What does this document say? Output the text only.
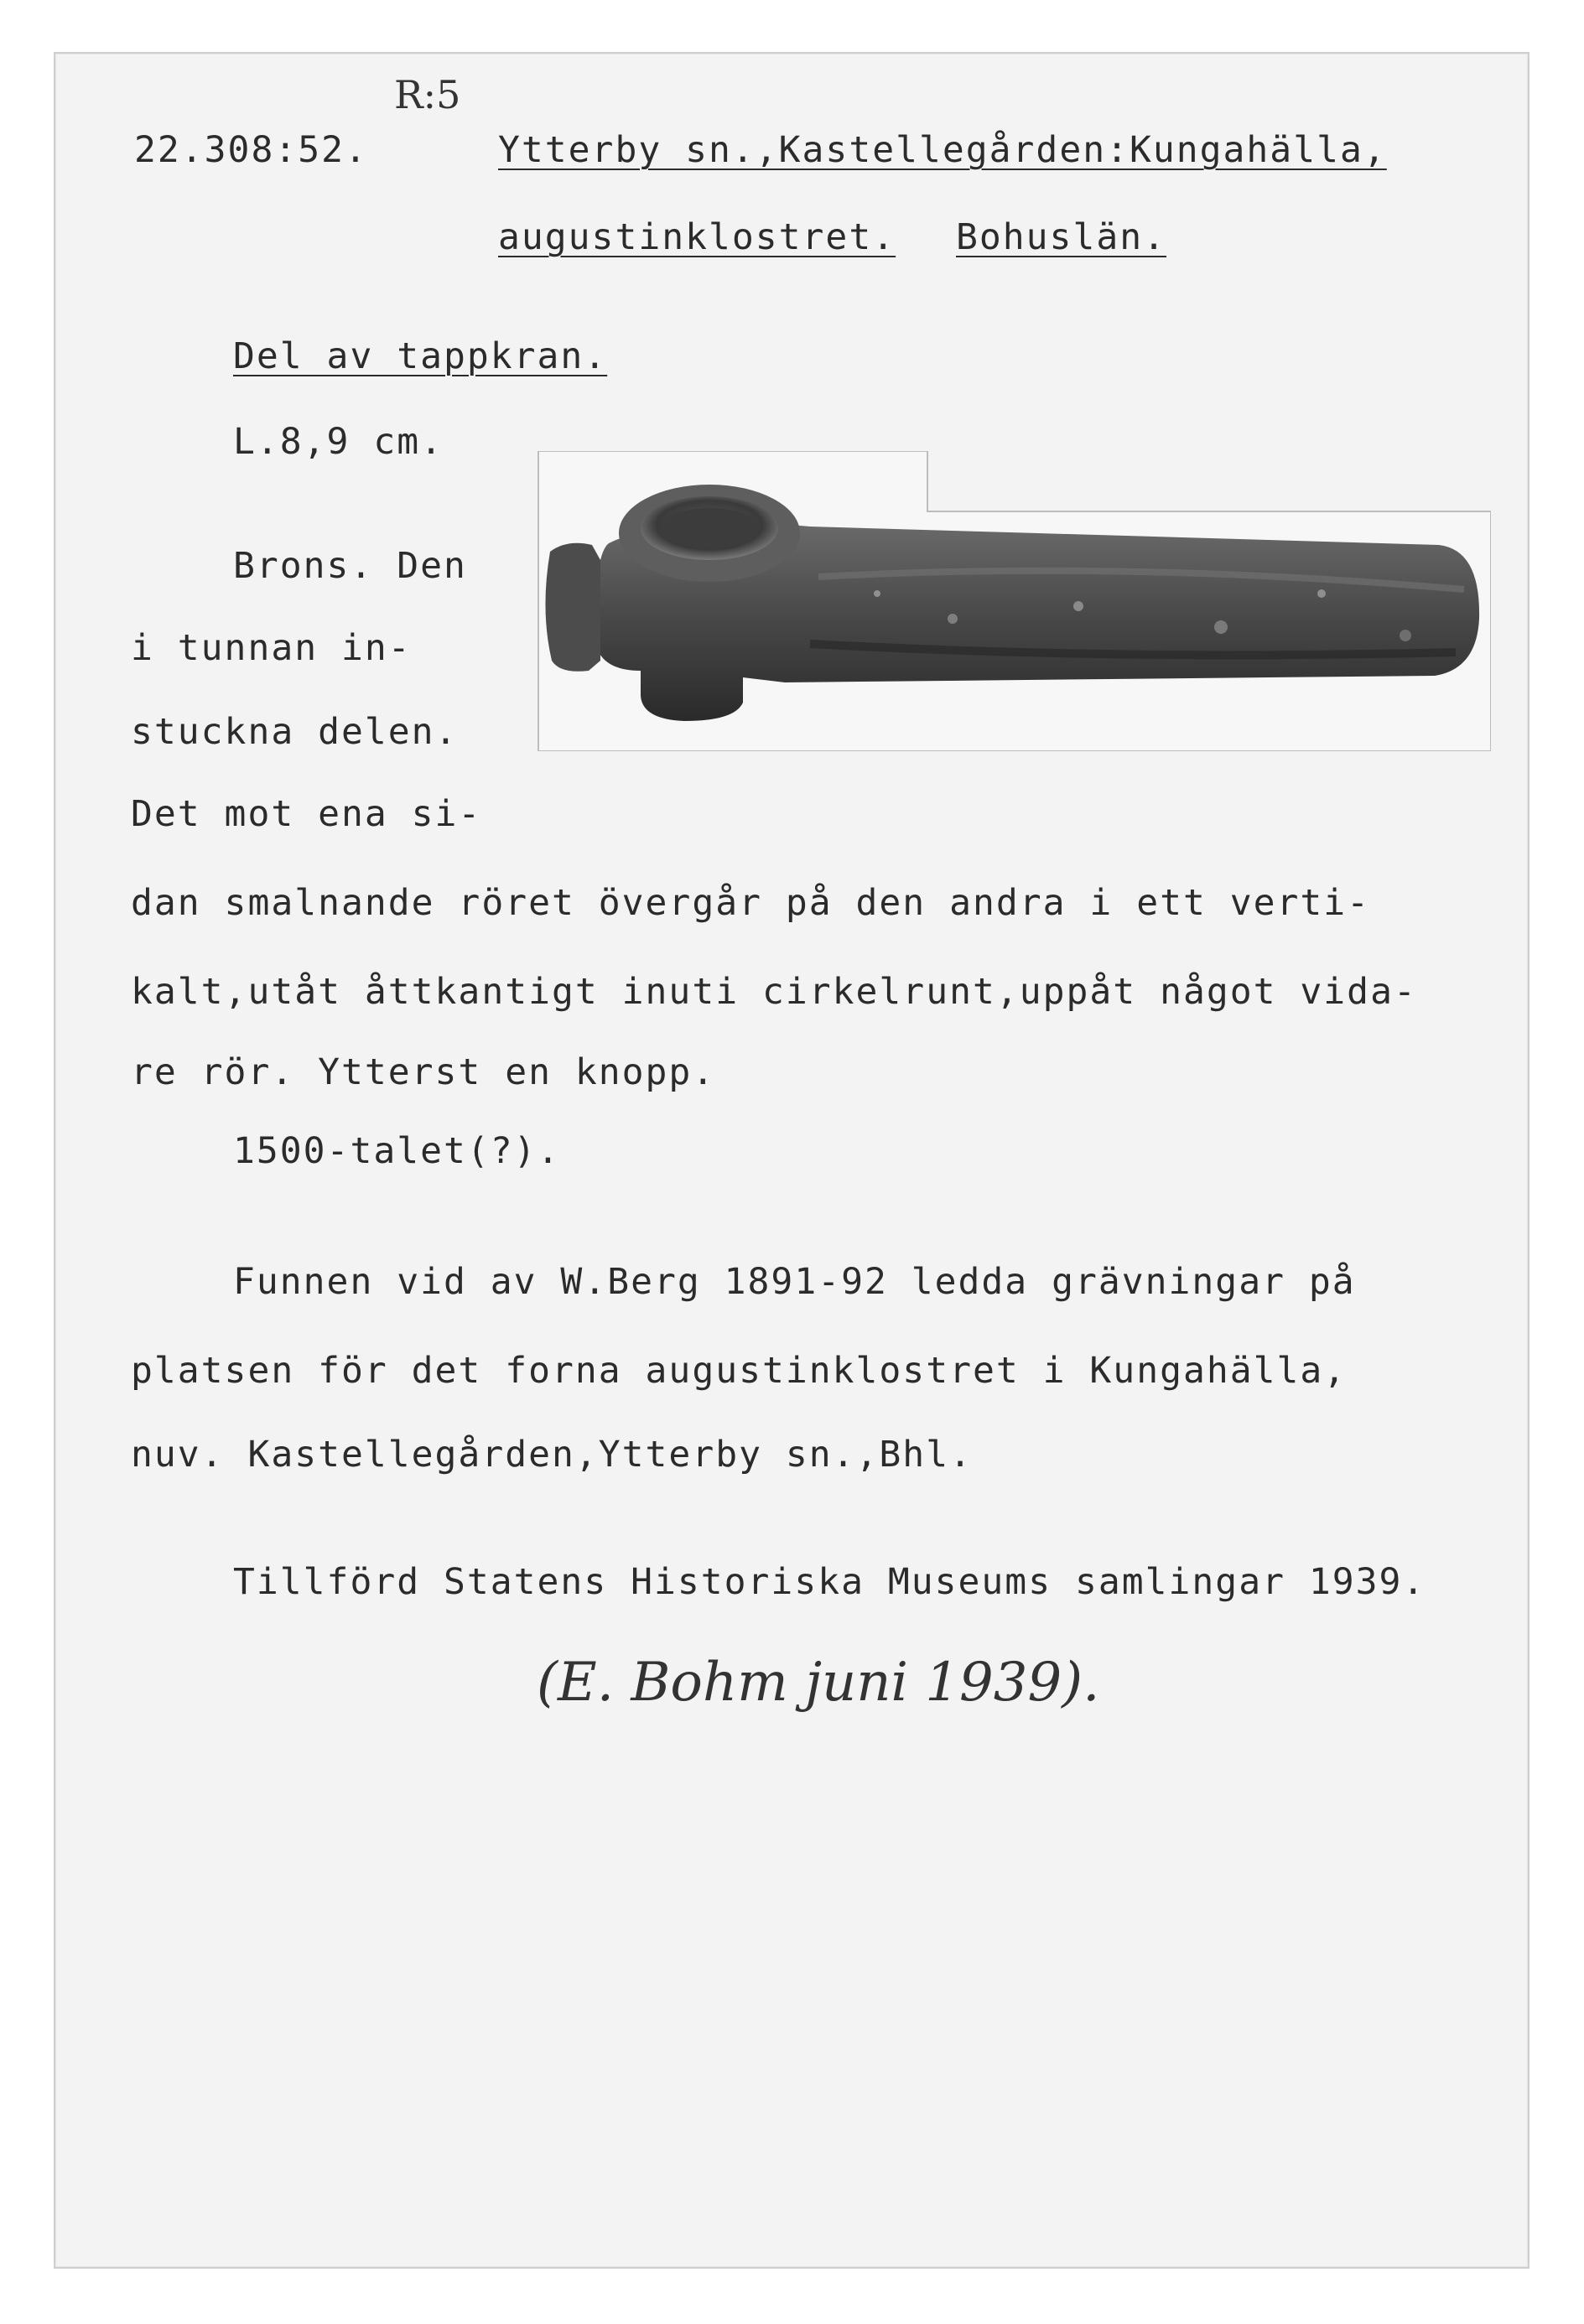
R:5
22.308:52.	Ytterby sn.,Kastellegården:Kungahälla,
augustinklostret. Bohuslän.
Del av tappkran.
L.8,9 cm.
Brons. Den
i tunnan in-
stuckna delen.
Det mot ena si-
dan smalnande röret övergår på den andra i ett verti-
kalt,utåt åttkantigt inuti cirkelrunt,uppåt något vida-
re rör. Ytterst en knopp.
1500-talet(?).
Funnen vid av W.Berg 1891-92 ledda grävningar på
platsen för det forna augustinklostret i Kungahälla,
nuv. Kastellegården,Ytterby sn.,Bhl.
Tillförd Statens Historiska Museums samlingar 1939.
(E. Bohm juni 1939).
